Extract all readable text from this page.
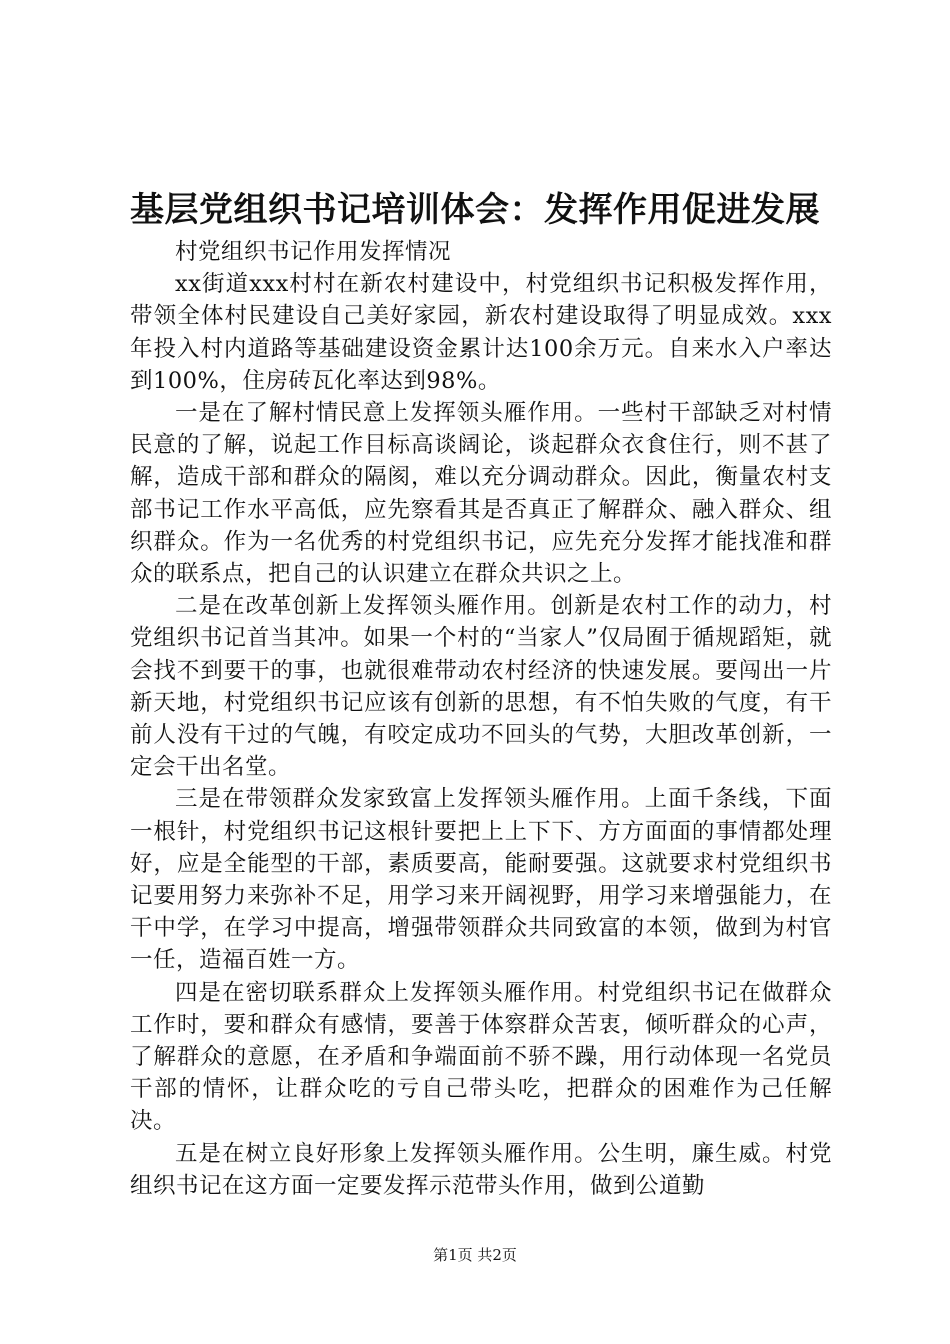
基层党组织书记培训体会：发挥作用促进发展

村党组织书记作用发挥情况

xx街道xxx村村在新农村建设中，村党组织书记积极发挥作用，带领全体村民建设自己美好家园，新农村建设取得了明显成效。xxx年投入村内道路等基础建设资金累计达100余万元。自来水入户率达到100%，住房砖瓦化率达到98%。

一是在了解村情民意上发挥领头雁作用。一些村干部缺乏对村情民意的了解，说起工作目标高谈阔论，谈起群众衣食住行，则不甚了解，造成干部和群众的隔阂，难以充分调动群众。因此，衡量农村支部书记工作水平高低，应先察看其是否真正了解群众、融入群众、组织群众。作为一名优秀的村党组织书记，应先充分发挥才能找准和群众的联系点，把自己的认识建立在群众共识之上。

二是在改革创新上发挥领头雁作用。创新是农村工作的动力，村党组织书记首当其冲。如果一个村的“当家人”仅局囿于循规蹈矩，就会找不到要干的事，也就很难带动农村经济的快速发展。要闯出一片新天地，村党组织书记应该有创新的思想，有不怕失败的气度，有干前人没有干过的气魄，有咬定成功不回头的气势，大胆改革创新，一定会干出名堂。

三是在带领群众发家致富上发挥领头雁作用。上面千条线，下面一根针，村党组织书记这根针要把上上下下、方方面面的事情都处理好，应是全能型的干部，素质要高，能耐要强。这就要求村党组织书记要用努力来弥补不足，用学习来开阔视野，用学习来增强能力，在干中学，在学习中提高，增强带领群众共同致富的本领，做到为村官一任，造福百姓一方。

四是在密切联系群众上发挥领头雁作用。村党组织书记在做群众工作时，要和群众有感情，要善于体察群众苦衷，倾听群众的心声，了解群众的意愿，在矛盾和争端面前不骄不躁，用行动体现一名党员干部的情怀，让群众吃的亏自己带头吃，把群众的困难作为己任解决。

五是在树立良好形象上发挥领头雁作用。公生明，廉生威。村党组织书记在这方面一定要发挥示范带头作用，做到公道勤

第1页 共2页
